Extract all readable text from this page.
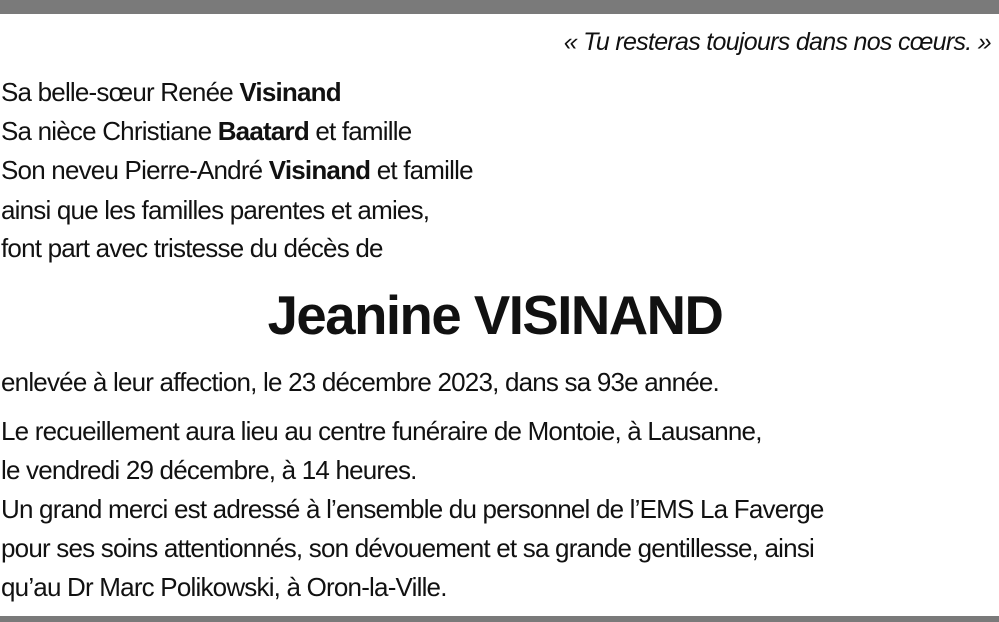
« Tu resteras toujours dans nos cœurs. »
Sa belle-sœur Renée Visinand
Sa nièce Christiane Baatard et famille
Son neveu Pierre-André Visinand et famille
ainsi que les familles parentes et amies,
font part avec tristesse du décès de
Jeanine VISINAND
enlevée à leur affection, le 23 décembre 2023, dans sa 93e année.
Le recueillement aura lieu au centre funéraire de Montoie, à Lausanne,
le vendredi 29 décembre, à 14 heures.
Un grand merci est adressé à l’ensemble du personnel de l’EMS La Faverge
pour ses soins attentionnés, son dévouement et sa grande gentillesse, ainsi
qu’au Dr Marc Polikowski, à Oron-la-Ville.
